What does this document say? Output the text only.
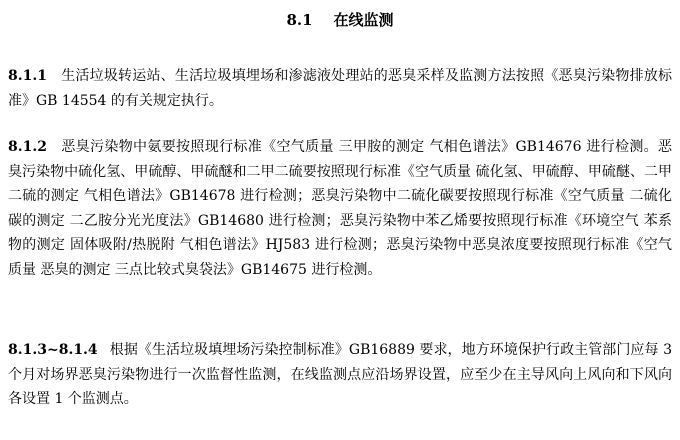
8.1 在线监测
8.1.1 生活垃圾转运站、生活垃圾填埋场和渗滤液处理站的恶臭采样及监测方法按照《恶臭污染物排放标准》GB 14554 的有关规定执行。
8.1.2 恶臭污染物中氨要按照现行标准《空气质量 三甲胺的测定 气相色谱法》GB14676 进行检测。恶臭污染物中硫化氢、甲硫醇、甲硫醚和二甲二硫要按照现行标准《空气质量 硫化氢、甲硫醇、甲硫醚、二甲二硫的测定 气相色谱法》GB14678 进行检测；恶臭污染物中二硫化碳要按照现行标准《空气质量 二硫化碳的测定 二乙胺分光光度法》GB14680 进行检测；恶臭污染物中苯乙烯要按照现行标准《环境空气 苯系物的测定 固体吸附/热脱附 气相色谱法》HJ583 进行检测；恶臭污染物中恶臭浓度要按照现行标准《空气质量 恶臭的测定 三点比较式臭袋法》GB14675 进行检测。
8.1.3~8.1.4 根据《生活垃圾填埋场污染控制标准》GB16889 要求，地方环境保护行政主管部门应每 3 个月对场界恶臭污染物进行一次监督性监测，在线监测点应沿场界设置，应至少在主导风向上风向和下风向各设置 1 个监测点。
